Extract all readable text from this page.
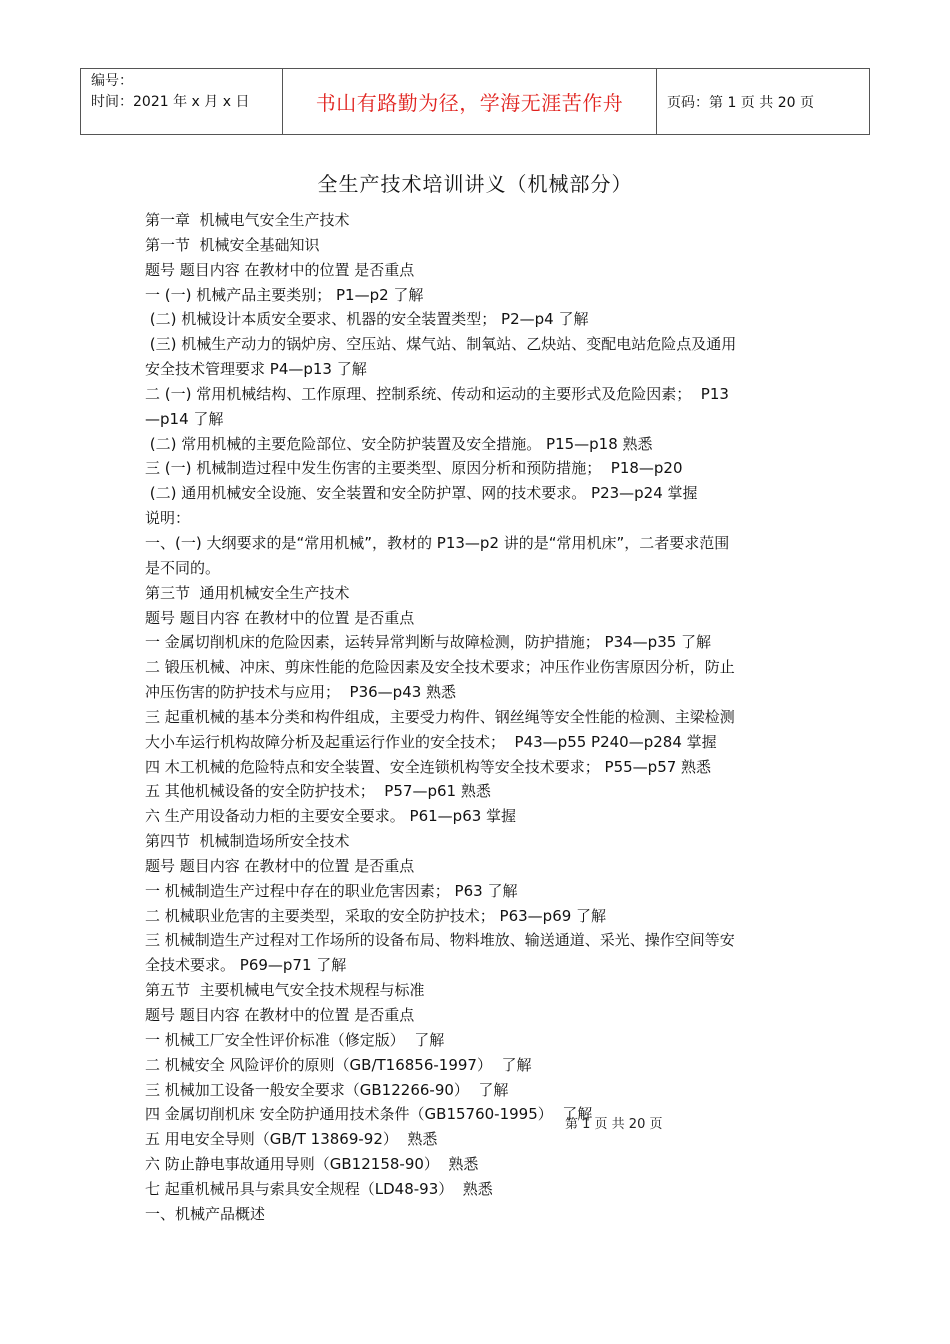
编号：
时间：2021 年 x 月 x 日	书山有路勤为径，学海无涯苦作舟	页码：第 1 页 共 20 页
全生产技术培训讲义（机械部分）
第一章  机械电气安全生产技术
第一节  机械安全基础知识
题号 题目内容 在教材中的位置 是否重点
一 (一) 机械产品主要类别； P1—p2 了解
(二) 机械设计本质安全要求、机器的安全装置类型； P2—p4 了解
(三) 机械生产动力的锅炉房、空压站、煤气站、制氧站、乙炔站、变配电站危险点及通用
安全技术管理要求 P4—p13 了解
二 (一) 常用机械结构、工作原理、控制系统、传动和运动的主要形式及危险因素；  P13
—p14 了解
(二) 常用机械的主要危险部位、安全防护装置及安全措施。 P15—p18 熟悉
三 (一) 机械制造过程中发生伤害的主要类型、原因分析和预防措施；  P18—p20
(二) 通用机械安全设施、安全装置和安全防护罩、网的技术要求。 P23—p24 掌握
说明：
一、(一) 大纲要求的是“常用机械”，教材的 P13—p2 讲的是“常用机床”，二者要求范围
是不同的。
第三节  通用机械安全生产技术
题号 题目内容 在教材中的位置 是否重点
一 金属切削机床的危险因素，运转异常判断与故障检测，防护措施； P34—p35 了解
二 锻压机械、冲床、剪床性能的危险因素及安全技术要求；冲压作业伤害原因分析，防止
冲压伤害的防护技术与应用；  P36—p43 熟悉
三 起重机械的基本分类和构件组成，主要受力构件、钢丝绳等安全性能的检测、主梁检测
大小车运行机构故障分析及起重运行作业的安全技术；  P43—p55 P240—p284 掌握
四 木工机械的危险特点和安全装置、安全连锁机构等安全技术要求； P55—p57 熟悉
五 其他机械设备的安全防护技术；  P57—p61 熟悉
六 生产用设备动力柜的主要安全要求。 P61—p63 掌握
第四节  机械制造场所安全技术
题号 题目内容 在教材中的位置 是否重点
一 机械制造生产过程中存在的职业危害因素； P63 了解
二 机械职业危害的主要类型，采取的安全防护技术； P63—p69 了解
三 机械制造生产过程对工作场所的设备布局、物料堆放、输送通道、采光、操作空间等安
全技术要求。 P69—p71 了解
第五节  主要机械电气安全技术规程与标准
题号 题目内容 在教材中的位置 是否重点
一 机械工厂安全性评价标准（修定版）  了解
二 机械安全 风险评价的原则（GB/T16856-1997）  了解
三 机械加工设备一般安全要求（GB12266-90）  了解
四 金属切削机床 安全防护通用技术条件（GB15760-1995）  了解
五 用电安全导则（GB/T 13869-92）  熟悉
六 防止静电事故通用导则（GB12158-90）  熟悉
七 起重机械吊具与索具安全规程（LD48-93）  熟悉
一、机械产品概述
第 1 页 共 20 页
